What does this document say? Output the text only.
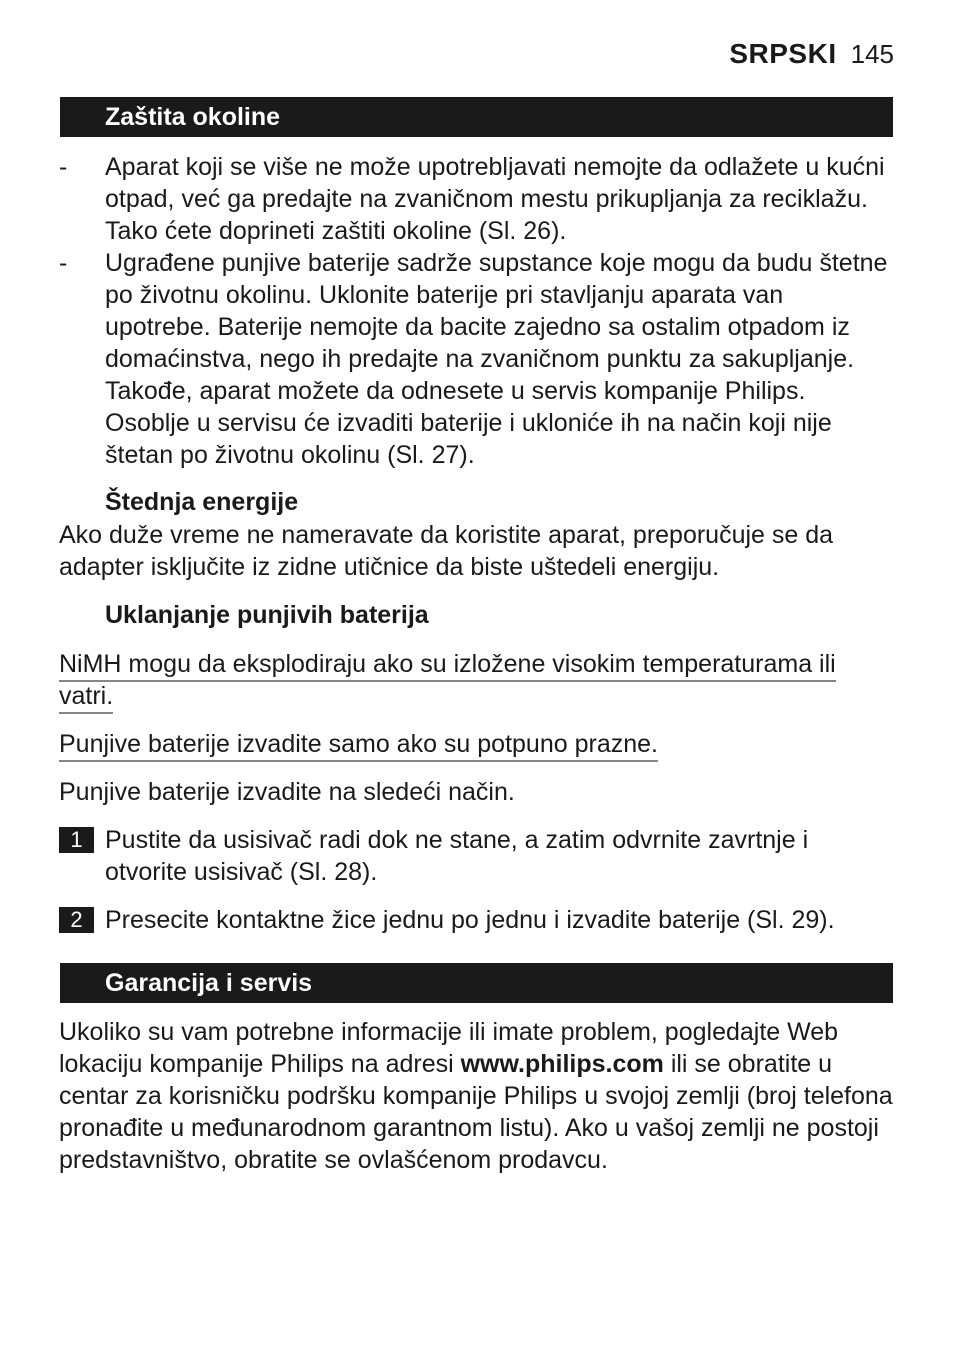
SRPSKI 145
Zaštita okoline
- Aparat koji se više ne može upotrebljavati nemojte da odlažete u kućni otpad, već ga predajte na zvaničnom mestu prikupljanja za reciklažu. Tako ćete doprineti zaštiti okoline (Sl. 26).
- Ugrađene punjive baterije sadrže supstance koje mogu da budu štetne po životnu okolinu. Uklonite baterije pri stavljanju aparata van upotrebe. Baterije nemojte da bacite zajedno sa ostalim otpadom iz domaćinstva, nego ih predajte na zvaničnom punktu za sakupljanje. Takođe, aparat možete da odnesete u servis kompanije Philips. Osoblje u servisu će izvaditi baterije i ukloniće ih na način koji nije štetan po životnu okolinu (Sl. 27).
Štednja energije
Ako duže vreme ne nameravate da koristite aparat, preporučuje se da adapter isključite iz zidne utičnice da biste uštedeli energiju.
Uklanjanje punjivih baterija
NiMH mogu da eksplodiraju ako su izložene visokim temperaturama ili vatri.
Punjive baterije izvadite samo ako su potpuno prazne.
Punjive baterije izvadite na sledeći način.
1 Pustite da usisivač radi dok ne stane, a zatim odvrnite zavrtnje i otvorite usisivač (Sl. 28).
2 Presecite kontaktne žice jednu po jednu i izvadite baterije (Sl. 29).
Garancija i servis
Ukoliko su vam potrebne informacije ili imate problem, pogledajte Web lokaciju kompanije Philips na adresi www.philips.com ili se obratite u centar za korisničku podršku kompanije Philips u svojoj zemlji (broj telefona pronađite u međunarodnom garantnom listu). Ako u vašoj zemlji ne postoji predstavništvo, obratite se ovlašćenom prodavcu.
